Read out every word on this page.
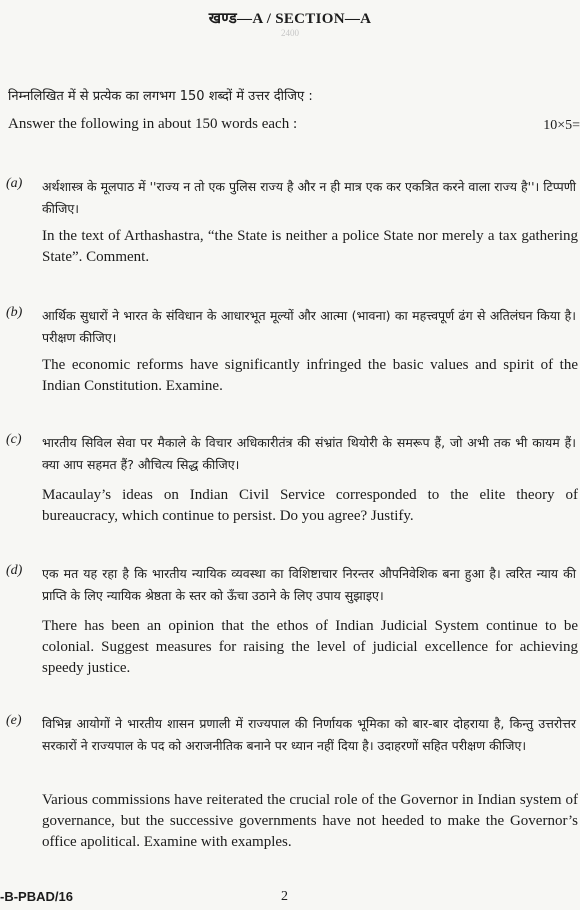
खण्ड—A / SECTION—A
2400
निम्नलिखित में से प्रत्येक का लगभग 150 शब्दों में उत्तर दीजिए :
Answer the following in about 150 words each :	10×5=
(a) अर्थशास्त्र के मूलपाठ में ''राज्य न तो एक पुलिस राज्य है और न ही मात्र एक कर एकत्रित करने वाला राज्य है''। टिप्पणी कीजिए।
In the text of Arthashastra, “the State is neither a police State nor merely a tax gathering State”. Comment.
(b) आर्थिक सुधारों ने भारत के संविधान के आधारभूत मूल्यों और आत्मा (भावना) का महत्त्वपूर्ण ढंग से अतिलंघन किया है। परीक्षण कीजिए।
The economic reforms have significantly infringed the basic values and spirit of the Indian Constitution. Examine.
(c) भारतीय सिविल सेवा पर मैकाले के विचार अधिकारीतंत्र की संभ्रांत थियोरी के समरूप हैं, जो अभी तक भी कायम हैं। क्या आप सहमत हैं? औचित्य सिद्ध कीजिए।
Macaulay’s ideas on Indian Civil Service corresponded to the elite theory of bureaucracy, which continue to persist. Do you agree? Justify.
(d) एक मत यह रहा है कि भारतीय न्यायिक व्यवस्था का विशिष्टाचार निरन्तर औपनिवेशिक बना हुआ है। त्वरित न्याय की प्राप्ति के लिए न्यायिक श्रेष्ठता के स्तर को ऊँचा उठाने के लिए उपाय सुझाइए।
There has been an opinion that the ethos of Indian Judicial System continue to be colonial. Suggest measures for raising the level of judicial excellence for achieving speedy justice.
(e) विभिन्न आयोगों ने भारतीय शासन प्रणाली में राज्यपाल की निर्णायक भूमिका को बार-बार दोहराया है, किन्तु उत्तरोत्तर सरकारों ने राज्यपाल के पद को अराजनीतिक बनाने पर ध्यान नहीं दिया है। उदाहरणों सहित परीक्षण कीजिए।
Various commissions have reiterated the crucial role of the Governor in Indian system of governance, but the successive governments have not heeded to make the Governor’s office apolitical. Examine with examples.
-B-PBAD/16	2
